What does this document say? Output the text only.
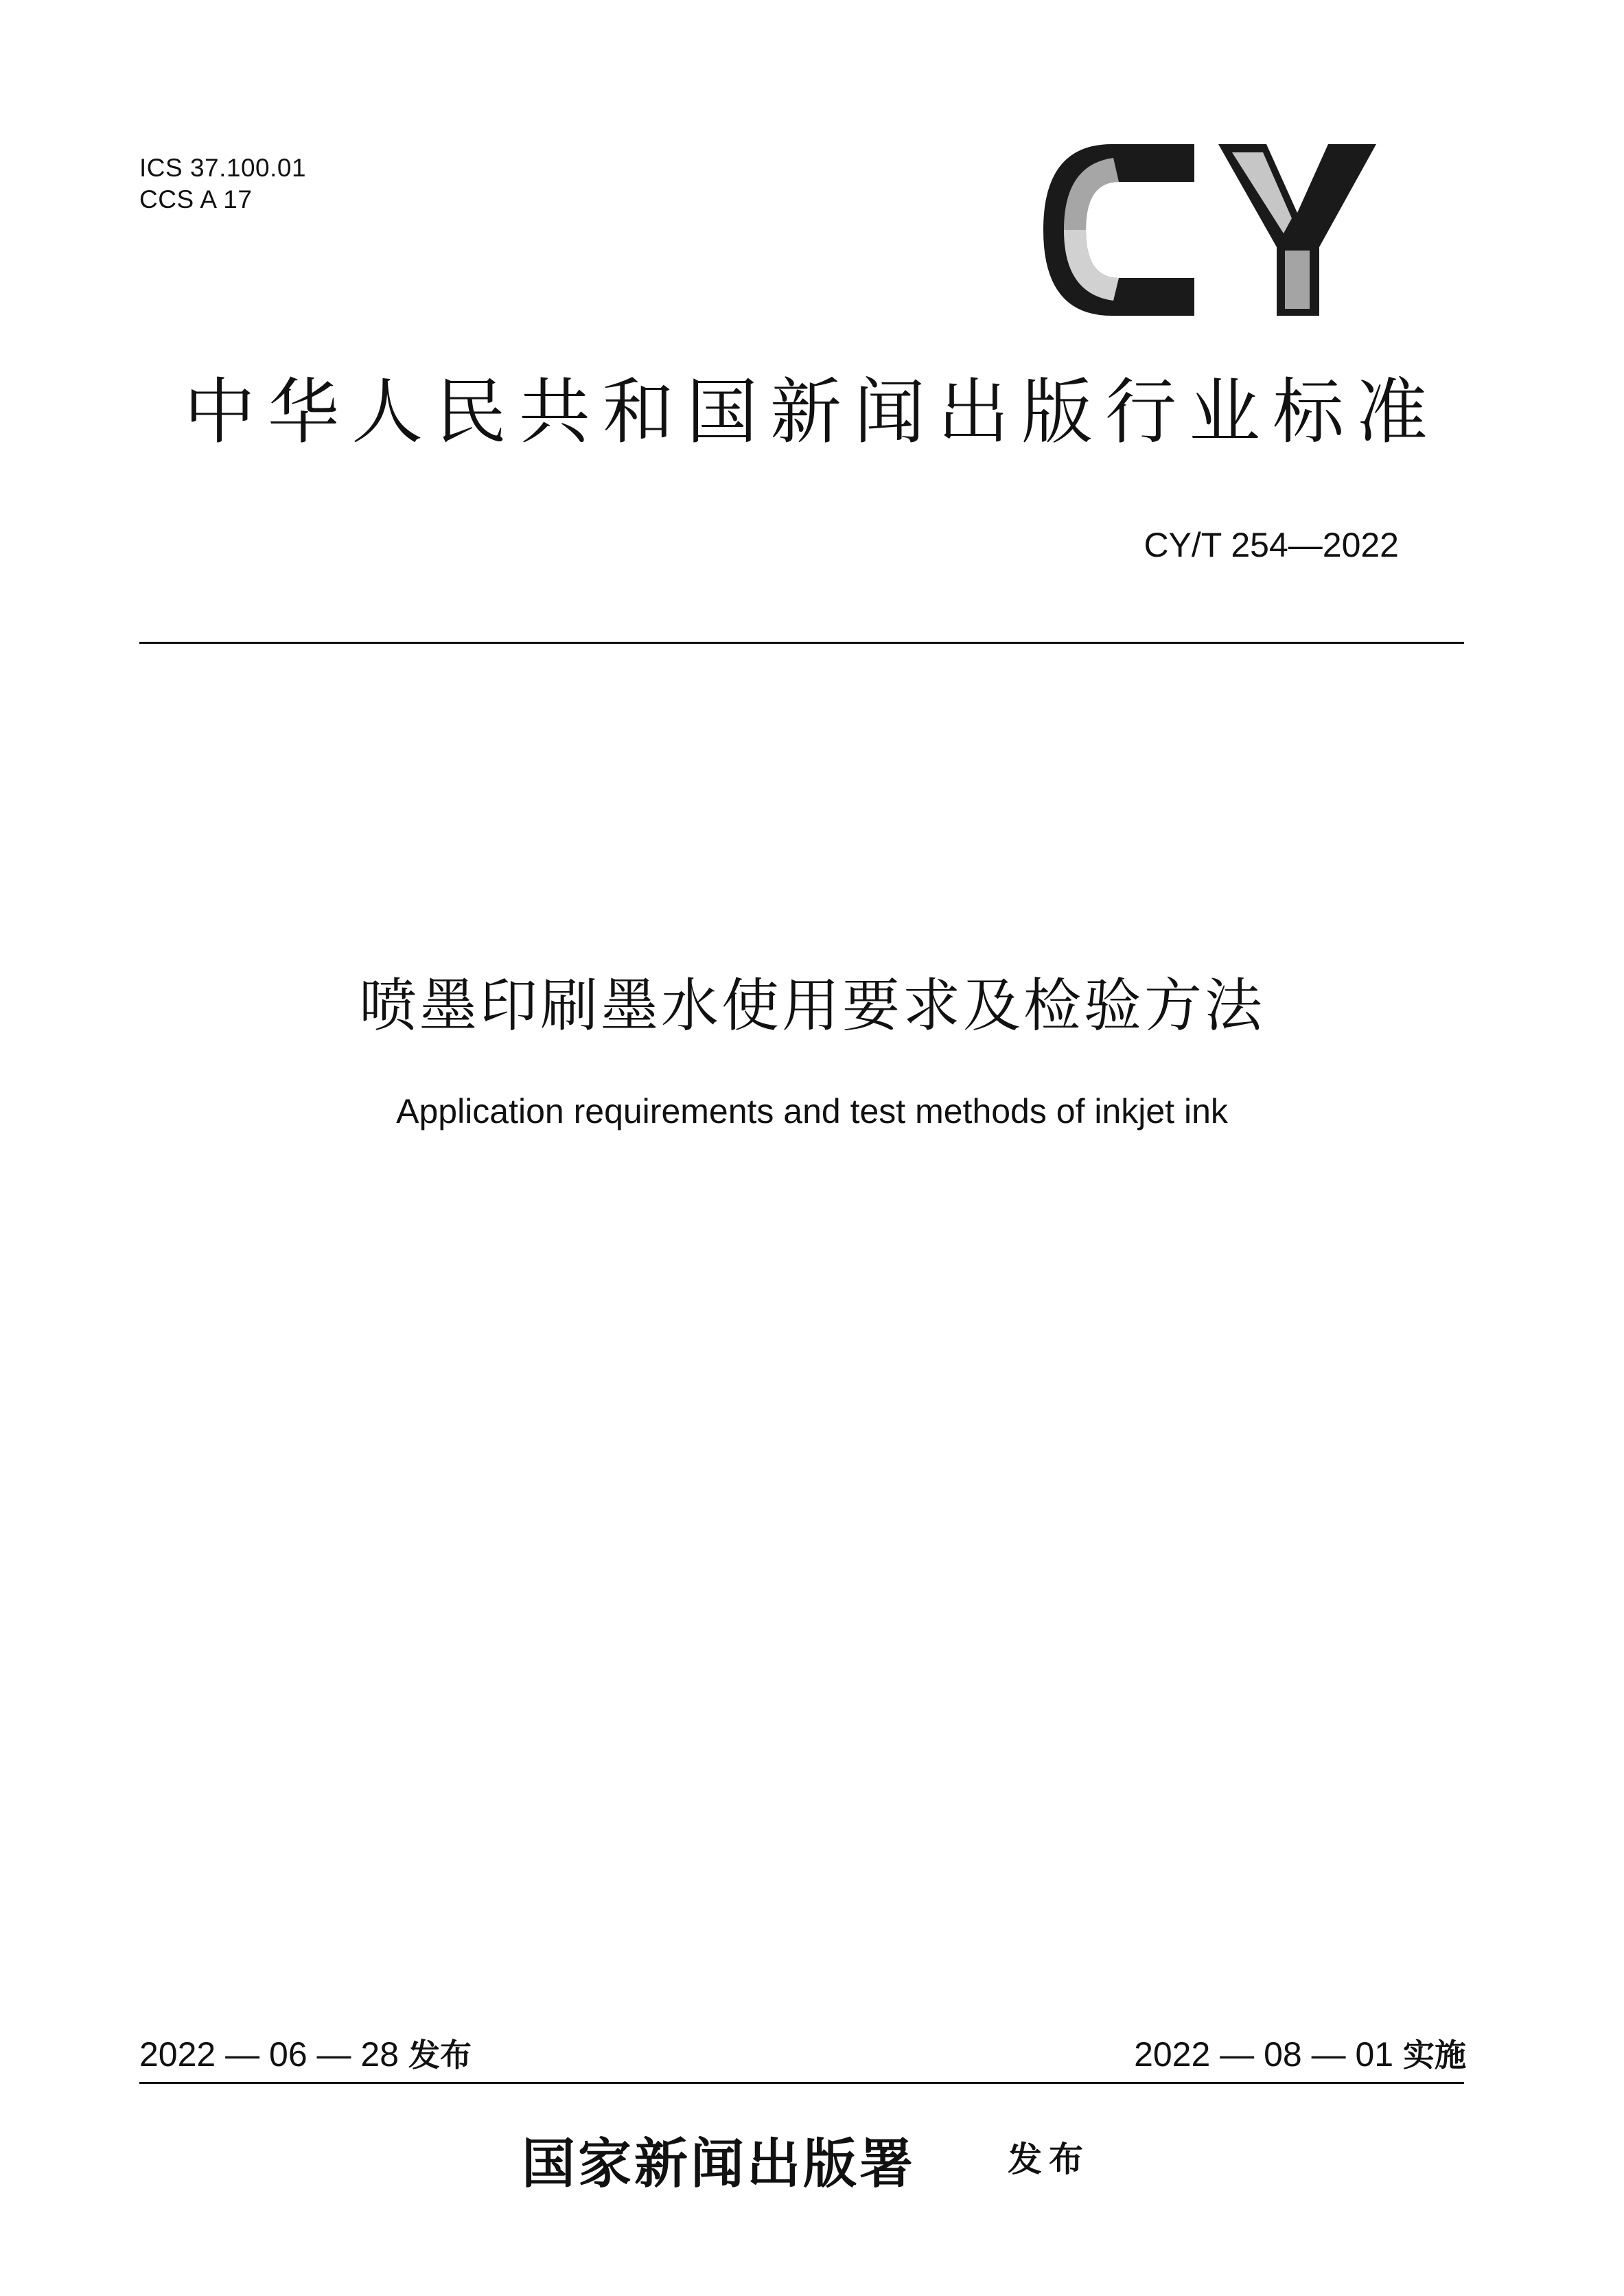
ICS 37.100.01
CCS A 17
中华人民共和国新闻出版行业标准
CY/T 254—2022
喷墨印刷墨水使用要求及检验方法
Application requirements and test methods of inkjet ink
2022 — 06 — 28 发布	2022 — 08 — 01 实施
国家新闻出版署	发布
